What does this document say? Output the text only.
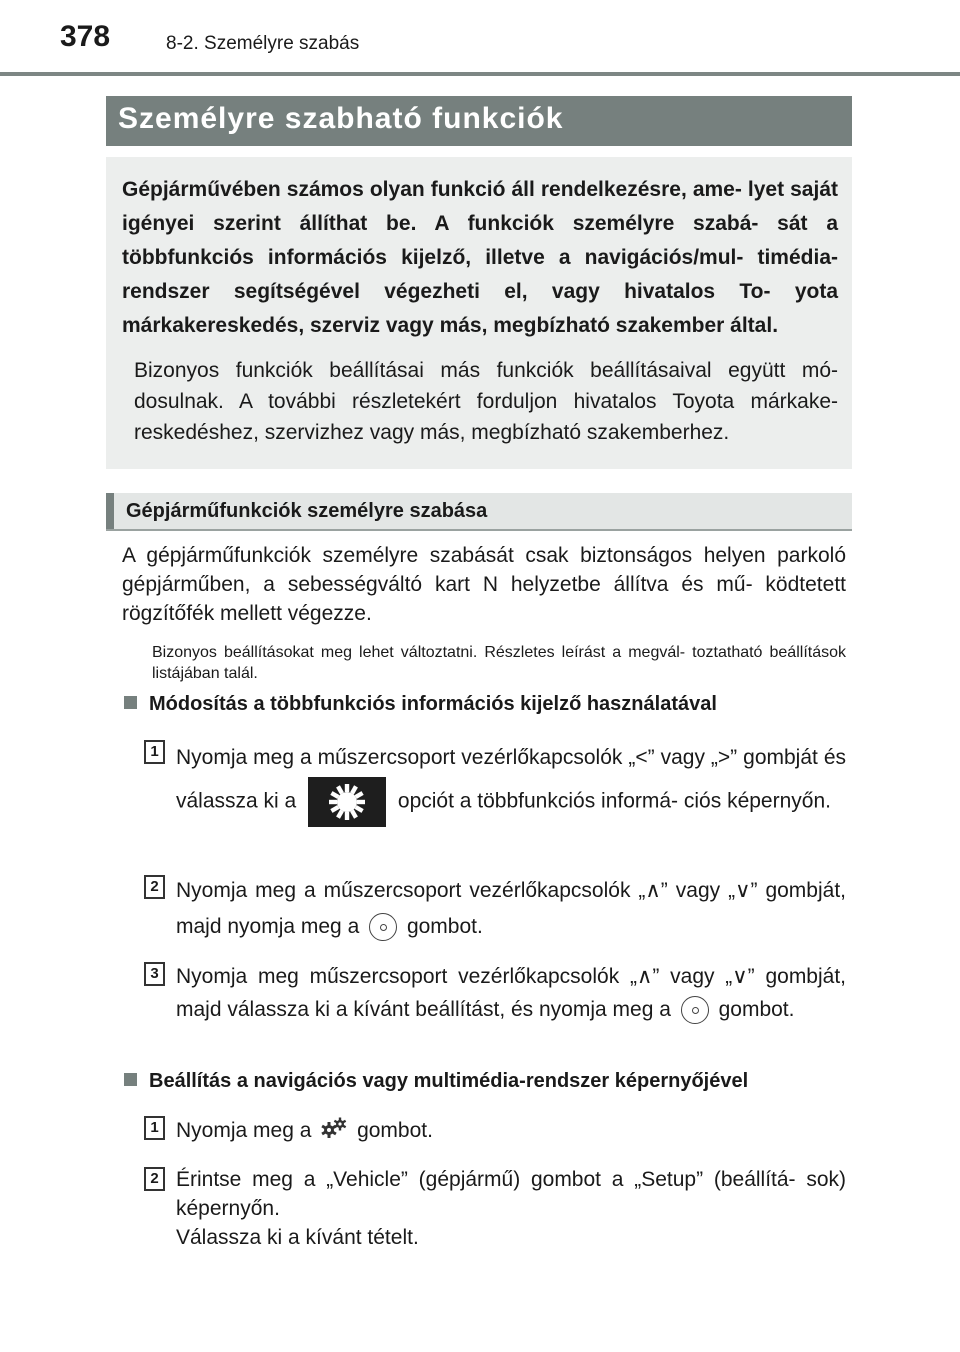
378	8-2. Személyre szabás
Személyre szabható funkciók

Gépjárművében számos olyan funkció áll rendelkezésre, ame- lyet saját igényei szerint állíthat be. A funkciók személyre szabá- sát a többfunkciós információs kijelző, illetve a navigációs/mul- timédia-rendszer segítségével végezheti el, vagy hivatalos To- yota márkakereskedés, szerviz vagy más, megbízható szakember által.

Bizonyos funkciók beállításai más funkciók beállításaival együtt mó- dosulnak. A további részletekért forduljon hivatalos Toyota márkake- reskedéshez, szervizhez vagy más, megbízható szakemberhez.

Gépjárműfunkciók személyre szabása

A gépjárműfunkciók személyre szabását csak biztonságos helyen parkoló gépjárműben, a sebességváltó kart N helyzetbe állítva és mű- ködtetett rögzítőfék mellett végezze.

Bizonyos beállításokat meg lehet változtatni. Részletes leírást a megvál- toztatható beállítások listájában talál.

Módosítás a többfunkciós információs kijelző használatával
1 Nyomja meg a műszercsoport vezérlőkapcsolók „<” vagy „>” gombját és válassza ki a	opciót a többfunkciós informá- ciós képernyőn.

2 Nyomja meg a műszercsoport vezérlőkapcsolók „∧” vagy „∨” gombját, majd nyomja meg a gombot.

3 Nyomja meg műszercsoport vezérlőkapcsolók „∧” vagy „∨” gombját, majd válassza ki a kívánt beállítást, és nyomja meg a gombot.

Beállítás a navigációs vagy multimédia-rendszer képernyőjével
1 Nyomja meg a gombot.

2 Érintse meg a „Vehicle” (gépjármű) gombot a „Setup” (beállítá- sok) képernyőn.
Válassza ki a kívánt tételt.
